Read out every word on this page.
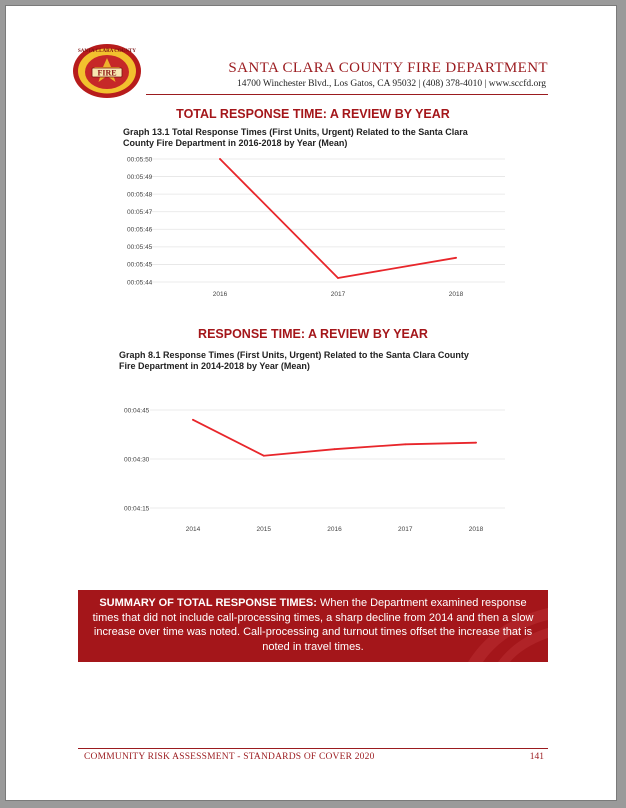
FIRE
SANTA CLARA COUNTY
SANTA CLARA COUNTY FIRE DEPARTMENT
14700 Winchester Blvd., Los Gatos, CA 95032 | (408) 378-4010 | www.sccfd.org
TOTAL RESPONSE TIME: A REVIEW BY YEAR
Graph 13.1 Total Response Times (First Units, Urgent) Related to the Santa Clara
County Fire Department in 2016-2018 by Year (Mean)
00:05:50
00:05:49
00:05:48
00:05:47
00:05:46
00:05:45
00:05:45
00:05:44
2016	2017	2018
RESPONSE TIME: A REVIEW BY YEAR
Graph 8.1 Response Times (First Units, Urgent) Related to the Santa Clara County
Fire Department in 2014-2018 by Year (Mean)
00:04:45
00:04:30
00:04:15
2014	2015	2016	2017	2018
SUMMARY OF TOTAL RESPONSE TIMES: When the Department examined response times that did not include call-processing times, a sharp decline from 2014 and then a slow increase over time was noted. Call-processing and turnout times offset the increase that is noted in travel times.
COMMUNITY RISK ASSESSMENT - STANDARDS OF COVER 2020	141
